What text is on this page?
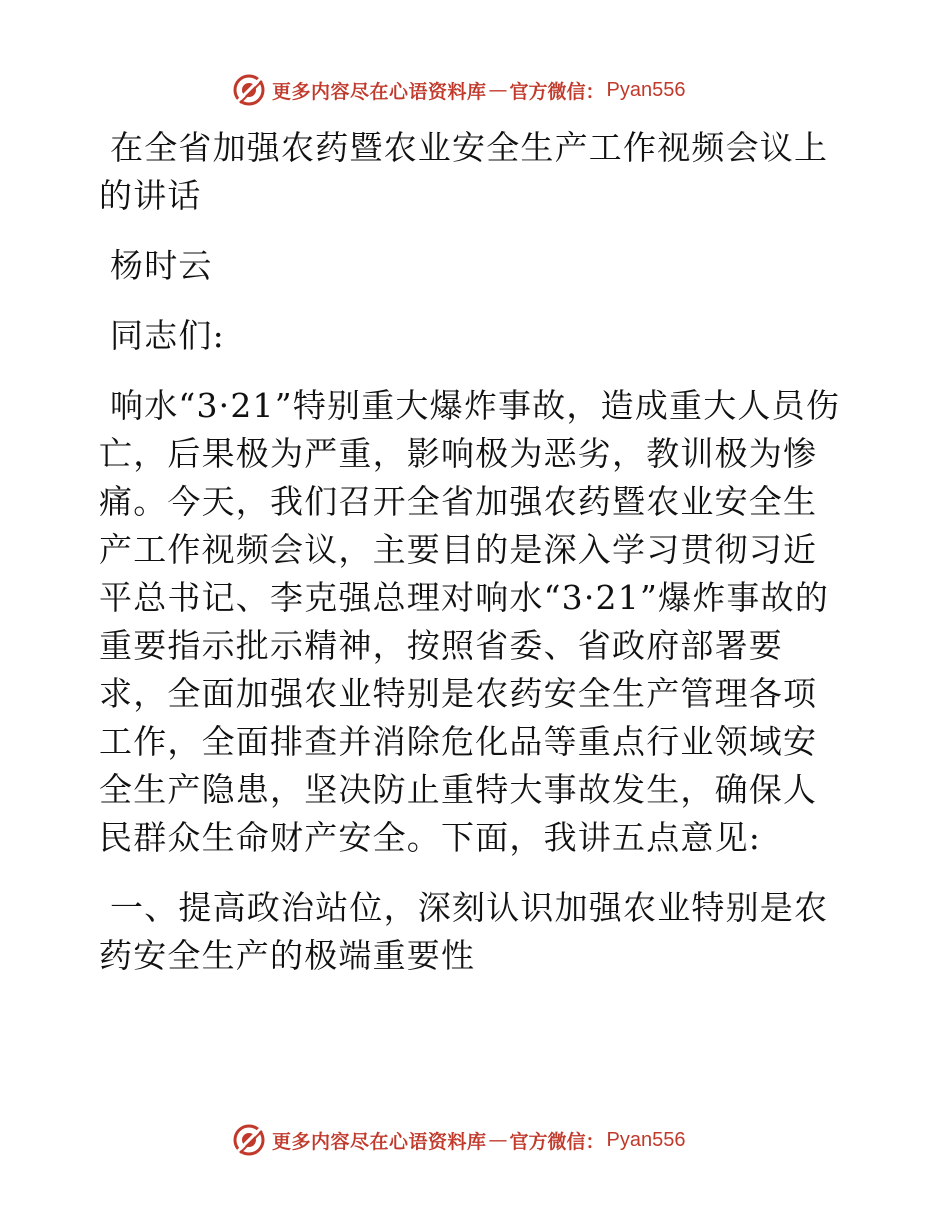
更多内容尽在心语资料库 — 官方微信： Pyan556

在全省加强农药暨农业安全生产工作视频会议上的讲话

杨时云

同志们:

响水“3·21”特别重大爆炸事故，造成重大人员伤亡，后果极为严重，影响极为恶劣，教训极为惨痛。今天，我们召开全省加强农药暨农业安全生产工作视频会议，主要目的是深入学习贯彻习近平总书记、李克强总理对响水“3·21”爆炸事故的重要指示批示精神，按照省委、省政府部署要求，全面加强农业特别是农药安全生产管理各项工作，全面排查并消除危化品等重点行业领域安全生产隐患，坚决防止重特大事故发生，确保人民群众生命财产安全。下面，我讲五点意见:

一、提高政治站位，深刻认识加强农业特别是农药安全生产的极端重要性

更多内容尽在心语资料库 — 官方微信： Pyan556
